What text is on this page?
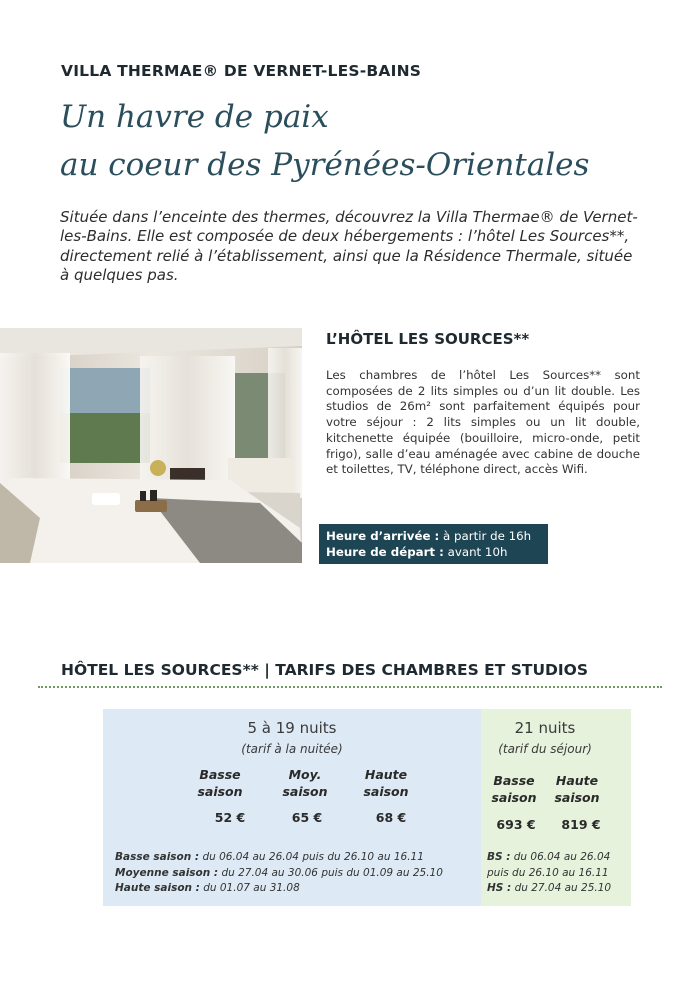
VILLA THERMAE® DE VERNET-LES-BAINS
Un havre de paix
au coeur des Pyrénées-Orientales

Située dans l’enceinte des thermes, découvrez la Villa Thermae® de Vernet-les-Bains. Elle est composée de deux hébergements : l’hôtel Les Sources**, directement relié à l’établissement, ainsi que la Résidence Thermale, située à quelques pas.

L’HÔTEL LES SOURCES**

Les chambres de l’hôtel Les Sources** sont composées de 2 lits simples ou d’un lit double. Les studios de 26m² sont parfaitement équipés pour votre séjour : 2 lits simples ou un lit double, kitchenette équipée (bouilloire, micro-onde, petit frigo), salle d’eau aménagée avec cabine de douche et toilettes, TV, téléphone direct, accès Wifi.

Heure d’arrivée : à partir de 16h
Heure de départ : avant 10h
HÔTEL LES SOURCES** | TARIFS DES CHAMBRES ET STUDIOS
5 à 19 nuits
(tarif à la nuitée)
Basse
saison
Moy.
saison
Haute
saison
52 €	65 €	68 €
Basse saison : du 06.04 au 26.04 puis du 26.10 au 16.11
Moyenne saison : du 27.04 au 30.06 puis du 01.09 au 25.10
Haute saison : du 01.07 au 31.08
21 nuits
(tarif du séjour)
Basse
saison
Haute
saison
693 €	819 €
BS : du 06.04 au 26.04
puis du 26.10 au 16.11
HS : du 27.04 au 25.10
